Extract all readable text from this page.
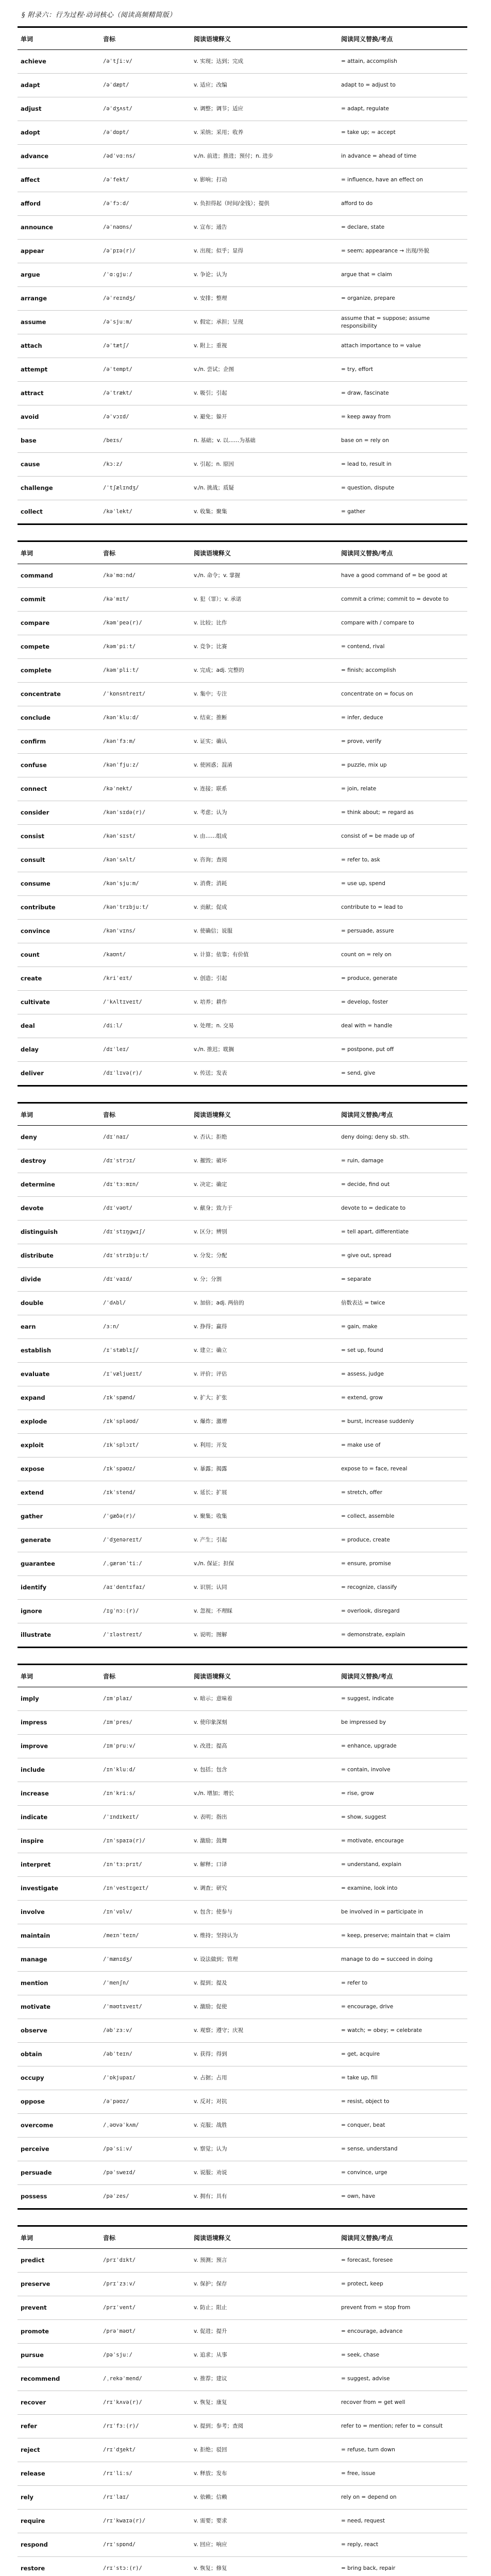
§ 附录六：行为过程·动词核心（阅读高频精简版）
单词	音标	阅读语境释义	阅读同义替换/考点
achieve	/əˈtʃiːv/	v. 实现；达到；完成	= attain, accomplish
adapt	/əˈdæpt/	v. 适应；改编	adapt to = adjust to
adjust	/əˈdʒʌst/	v. 调整；调节；适应	= adapt, regulate
adopt	/əˈdɒpt/	v. 采纳；采用；收养	= take up; ≈ accept
advance	/ədˈvɑːns/	v./n. 前进；推进；预付；n. 进步	in advance = ahead of time
affect	/əˈfekt/	v. 影响；打动	= influence, have an effect on
afford	/əˈfɔːd/	v. 负担得起（时间/金钱）；提供	afford to do
announce	/əˈnaʊns/	v. 宣布；通告	= declare, state
appear	/əˈpɪə(r)/	v. 出现；似乎；显得	= seem; appearance → 出现/外貌
argue	/ˈɑːɡjuː/	v. 争论；认为	argue that = claim
arrange	/əˈreɪndʒ/	v. 安排；整理	= organize, prepare
assume	/əˈsjuːm/	v. 假定；承担；呈现	assume that = suppose; assume responsibility
attach	/əˈtætʃ/	v. 附上；重视	attach importance to = value
attempt	/əˈtempt/	v./n. 尝试；企图	= try, effort
attract	/əˈtrækt/	v. 吸引；引起	= draw, fascinate
avoid	/əˈvɔɪd/	v. 避免；躲开	= keep away from
base	/beɪs/	n. 基础；v. 以……为基础	base on = rely on
cause	/kɔːz/	v. 引起；n. 原因	= lead to, result in
challenge	/ˈtʃælɪndʒ/	v./n. 挑战；质疑	= question, dispute
collect	/kəˈlekt/	v. 收集；聚集	= gather
单词	音标	阅读语境释义	阅读同义替换/考点
command	/kəˈmɑːnd/	v./n. 命令；v. 掌握	have a good command of = be good at
commit	/kəˈmɪt/	v. 犯（罪）；v. 承诺	commit a crime; commit to = devote to
compare	/kəmˈpeə(r)/	v. 比较；比作	compare with / compare to
compete	/kəmˈpiːt/	v. 竞争；比赛	= contend, rival
complete	/kəmˈpliːt/	v. 完成；adj. 完整的	= finish; accomplish
concentrate	/ˈkɒnsntreɪt/	v. 集中；专注	concentrate on = focus on
conclude	/kənˈkluːd/	v. 结束；推断	= infer, deduce
confirm	/kənˈfɜːm/	v. 证实；确认	= prove, verify
confuse	/kənˈfjuːz/	v. 使困惑；混淆	= puzzle, mix up
connect	/kəˈnekt/	v. 连接；联系	= join, relate
consider	/kənˈsɪdə(r)/	v. 考虑；认为	= think about; = regard as
consist	/kənˈsɪst/	v. 由……组成	consist of = be made up of
consult	/kənˈsʌlt/	v. 咨询；查阅	= refer to, ask
consume	/kənˈsjuːm/	v. 消费；消耗	= use up, spend
contribute	/kənˈtrɪbjuːt/	v. 贡献；促成	contribute to = lead to
convince	/kənˈvɪns/	v. 使确信；说服	= persuade, assure
count	/kaʊnt/	v. 计算；依靠；有价值	count on = rely on
create	/kriˈeɪt/	v. 创造；引起	= produce, generate
cultivate	/ˈkʌltɪveɪt/	v. 培养；耕作	= develop, foster
deal	/diːl/	v. 处理；n. 交易	deal with = handle
delay	/dɪˈleɪ/	v./n. 推迟；耽搁	= postpone, put off
deliver	/dɪˈlɪvə(r)/	v. 传送；发表	= send, give
单词	音标	阅读语境释义	阅读同义替换/考点
deny	/dɪˈnaɪ/	v. 否认；拒绝	deny doing; deny sb. sth.
destroy	/dɪˈstrɔɪ/	v. 摧毁；破坏	= ruin, damage
determine	/dɪˈtɜːmɪn/	v. 决定；确定	= decide, find out
devote	/dɪˈvəʊt/	v. 献身；致力于	devote to = dedicate to
distinguish	/dɪˈstɪŋɡwɪʃ/	v. 区分；辨别	= tell apart, differentiate
distribute	/dɪˈstrɪbjuːt/	v. 分发；分配	= give out, spread
divide	/dɪˈvaɪd/	v. 分；分割	= separate
double	/ˈdʌbl/	v. 加倍；adj. 两倍的	倍数表达 = twice
earn	/ɜːn/	v. 挣得；赢得	= gain, make
establish	/ɪˈstæblɪʃ/	v. 建立；确立	= set up, found
evaluate	/ɪˈvæljueɪt/	v. 评价；评估	= assess, judge
expand	/ɪkˈspænd/	v. 扩大；扩张	= extend, grow
explode	/ɪkˈspləʊd/	v. 爆炸；激增	= burst, increase suddenly
exploit	/ɪkˈsplɔɪt/	v. 利用；开发	= make use of
expose	/ɪkˈspəʊz/	v. 暴露；揭露	expose to = face, reveal
extend	/ɪkˈstend/	v. 延长；扩展	= stretch, offer
gather	/ˈɡæðə(r)/	v. 聚集；收集	= collect, assemble
generate	/ˈdʒenəreɪt/	v. 产生；引起	= produce, create
guarantee	/ˌɡærənˈtiː/	v./n. 保证；担保	= ensure, promise
identify	/aɪˈdentɪfaɪ/	v. 识别；认同	= recognize, classify
ignore	/ɪɡˈnɔː(r)/	v. 忽视；不理睬	= overlook, disregard
illustrate	/ˈɪləstreɪt/	v. 说明；图解	= demonstrate, explain
单词	音标	阅读语境释义	阅读同义替换/考点
imply	/ɪmˈplaɪ/	v. 暗示；意味着	= suggest, indicate
impress	/ɪmˈpres/	v. 使印象深刻	be impressed by
improve	/ɪmˈpruːv/	v. 改进；提高	= enhance, upgrade
include	/ɪnˈkluːd/	v. 包括；包含	= contain, involve
increase	/ɪnˈkriːs/	v./n. 增加；增长	= rise, grow
indicate	/ˈɪndɪkeɪt/	v. 表明；指出	= show, suggest
inspire	/ɪnˈspaɪə(r)/	v. 激励；鼓舞	= motivate, encourage
interpret	/ɪnˈtɜːprɪt/	v. 解释；口译	= understand, explain
investigate	/ɪnˈvestɪɡeɪt/	v. 调查；研究	= examine, look into
involve	/ɪnˈvɒlv/	v. 包含；使参与	be involved in = participate in
maintain	/meɪnˈteɪn/	v. 维持；坚持认为	= keep, preserve; maintain that = claim
manage	/ˈmænɪdʒ/	v. 设法做到；管理	manage to do = succeed in doing
mention	/ˈmenʃn/	v. 提到；提及	= refer to
motivate	/ˈməʊtɪveɪt/	v. 激励；促使	= encourage, drive
observe	/əbˈzɜːv/	v. 观察；遵守；庆祝	= watch; = obey; = celebrate
obtain	/əbˈteɪn/	v. 获得；得到	= get, acquire
occupy	/ˈɒkjupaɪ/	v. 占据；占用	= take up, fill
oppose	/əˈpəʊz/	v. 反对；对抗	= resist, object to
overcome	/ˌəʊvəˈkʌm/	v. 克服；战胜	= conquer, beat
perceive	/pəˈsiːv/	v. 察觉；认为	= sense, understand
persuade	/pəˈsweɪd/	v. 说服；劝说	= convince, urge
possess	/pəˈzes/	v. 拥有；具有	= own, have
单词	音标	阅读语境释义	阅读同义替换/考点
predict	/prɪˈdɪkt/	v. 预测；预言	= forecast, foresee
preserve	/prɪˈzɜːv/	v. 保护；保存	= protect, keep
prevent	/prɪˈvent/	v. 防止；阻止	prevent from = stop from
promote	/prəˈməʊt/	v. 促进；提升	= encourage, advance
pursue	/pəˈsjuː/	v. 追求；从事	= seek, chase
recommend	/ˌrekəˈmend/	v. 推荐；建议	= suggest, advise
recover	/rɪˈkʌvə(r)/	v. 恢复；康复	recover from = get well
refer	/rɪˈfɜː(r)/	v. 提到；参考；查阅	refer to = mention; refer to = consult
reject	/rɪˈdʒekt/	v. 拒绝；驳回	= refuse, turn down
release	/rɪˈliːs/	v. 释放；发布	= free, issue
rely	/rɪˈlaɪ/	v. 依赖；信赖	rely on = depend on
require	/rɪˈkwaɪə(r)/	v. 需要；要求	= need, request
respond	/rɪˈspɒnd/	v. 回应；响应	= reply, react
restore	/rɪˈstɔː(r)/	v. 恢复；修复	= bring back, repair
